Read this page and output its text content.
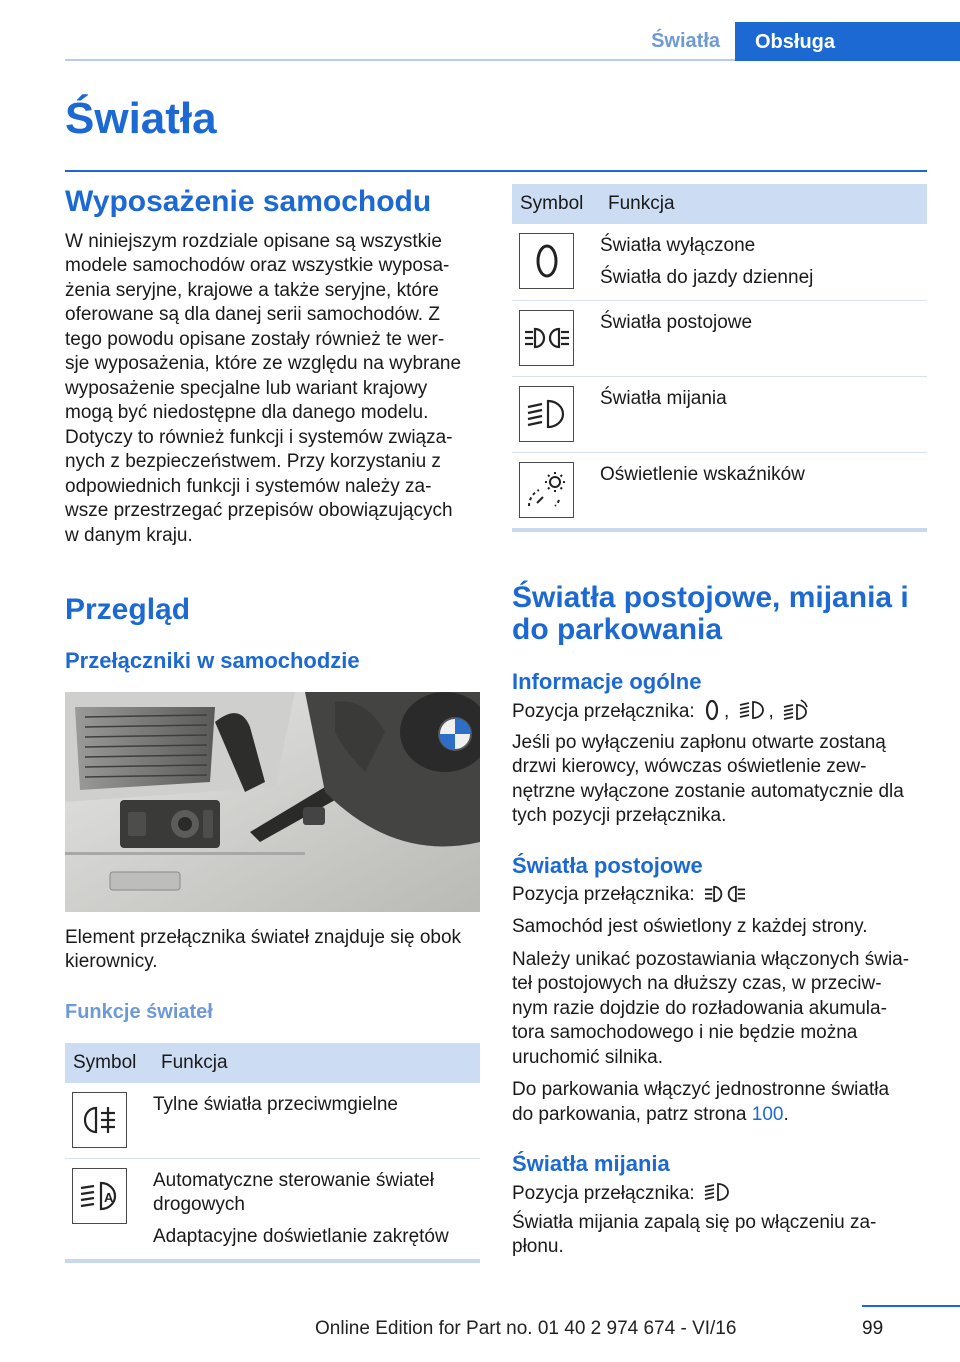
Światła	Obsługa
Światła
Wyposażenie samochodu

W niniejszym rozdziale opisane są wszystkie
modele samochodów oraz wszystkie wyposa‐
żenia seryjne, krajowe a także seryjne, które
oferowane są dla danej serii samochodów. Z
tego powodu opisane zostały również te wer‐
sje wyposażenia, które ze względu na wybrane
wyposażenie specjalne lub wariant krajowy
mogą być niedostępne dla danego modelu.
Dotyczy to również funkcji i systemów związa‐
nych z bezpieczeństwem. Przy korzystaniu z
odpowiednich funkcji i systemów należy za‐
wsze przestrzegać przepisów obowiązujących
w danym kraju.

Przegląd
Przełączniki w samochodzie

Element przełącznika świateł znajduje się obok
kierownicy.

Funkcje świateł
Symbol	Funkcja

Tylne światła przeciwmgielne

A	Automatyczne sterowanie świateł
drogowych
Adaptacyjne doświetlanie zakrętów
Symbol	Funkcja

Światła wyłączone
Światła do jazdy dziennej

Światła postojowe

Światła mijania

Oświetlenie wskaźników
Światła postojowe, mijania i do parkowania
Informacje ogólne

Pozycja przełącznika: , ,

Jeśli po wyłączeniu zapłonu otwarte zostaną
drzwi kierowcy, wówczas oświetlenie zew‐
nętrzne wyłączone zostanie automatycznie dla
tych pozycji przełącznika.

Światła postojowe

Pozycja przełącznika:

Samochód jest oświetlony z każdej strony.

Należy unikać pozostawiania włączonych świa‐
teł postojowych na dłuższy czas, w przeciw‐
nym razie dojdzie do rozładowania akumula‐
tora samochodowego i nie będzie można
uruchomić silnika.

Do parkowania włączyć jednostronne światła
do parkowania, patrz strona 100.

Światła mijania

Pozycja przełącznika:

Światła mijania zapalą się po włączeniu za‐
płonu.

99
Online Edition for Part no. 01 40 2 974 674 - VI/16
